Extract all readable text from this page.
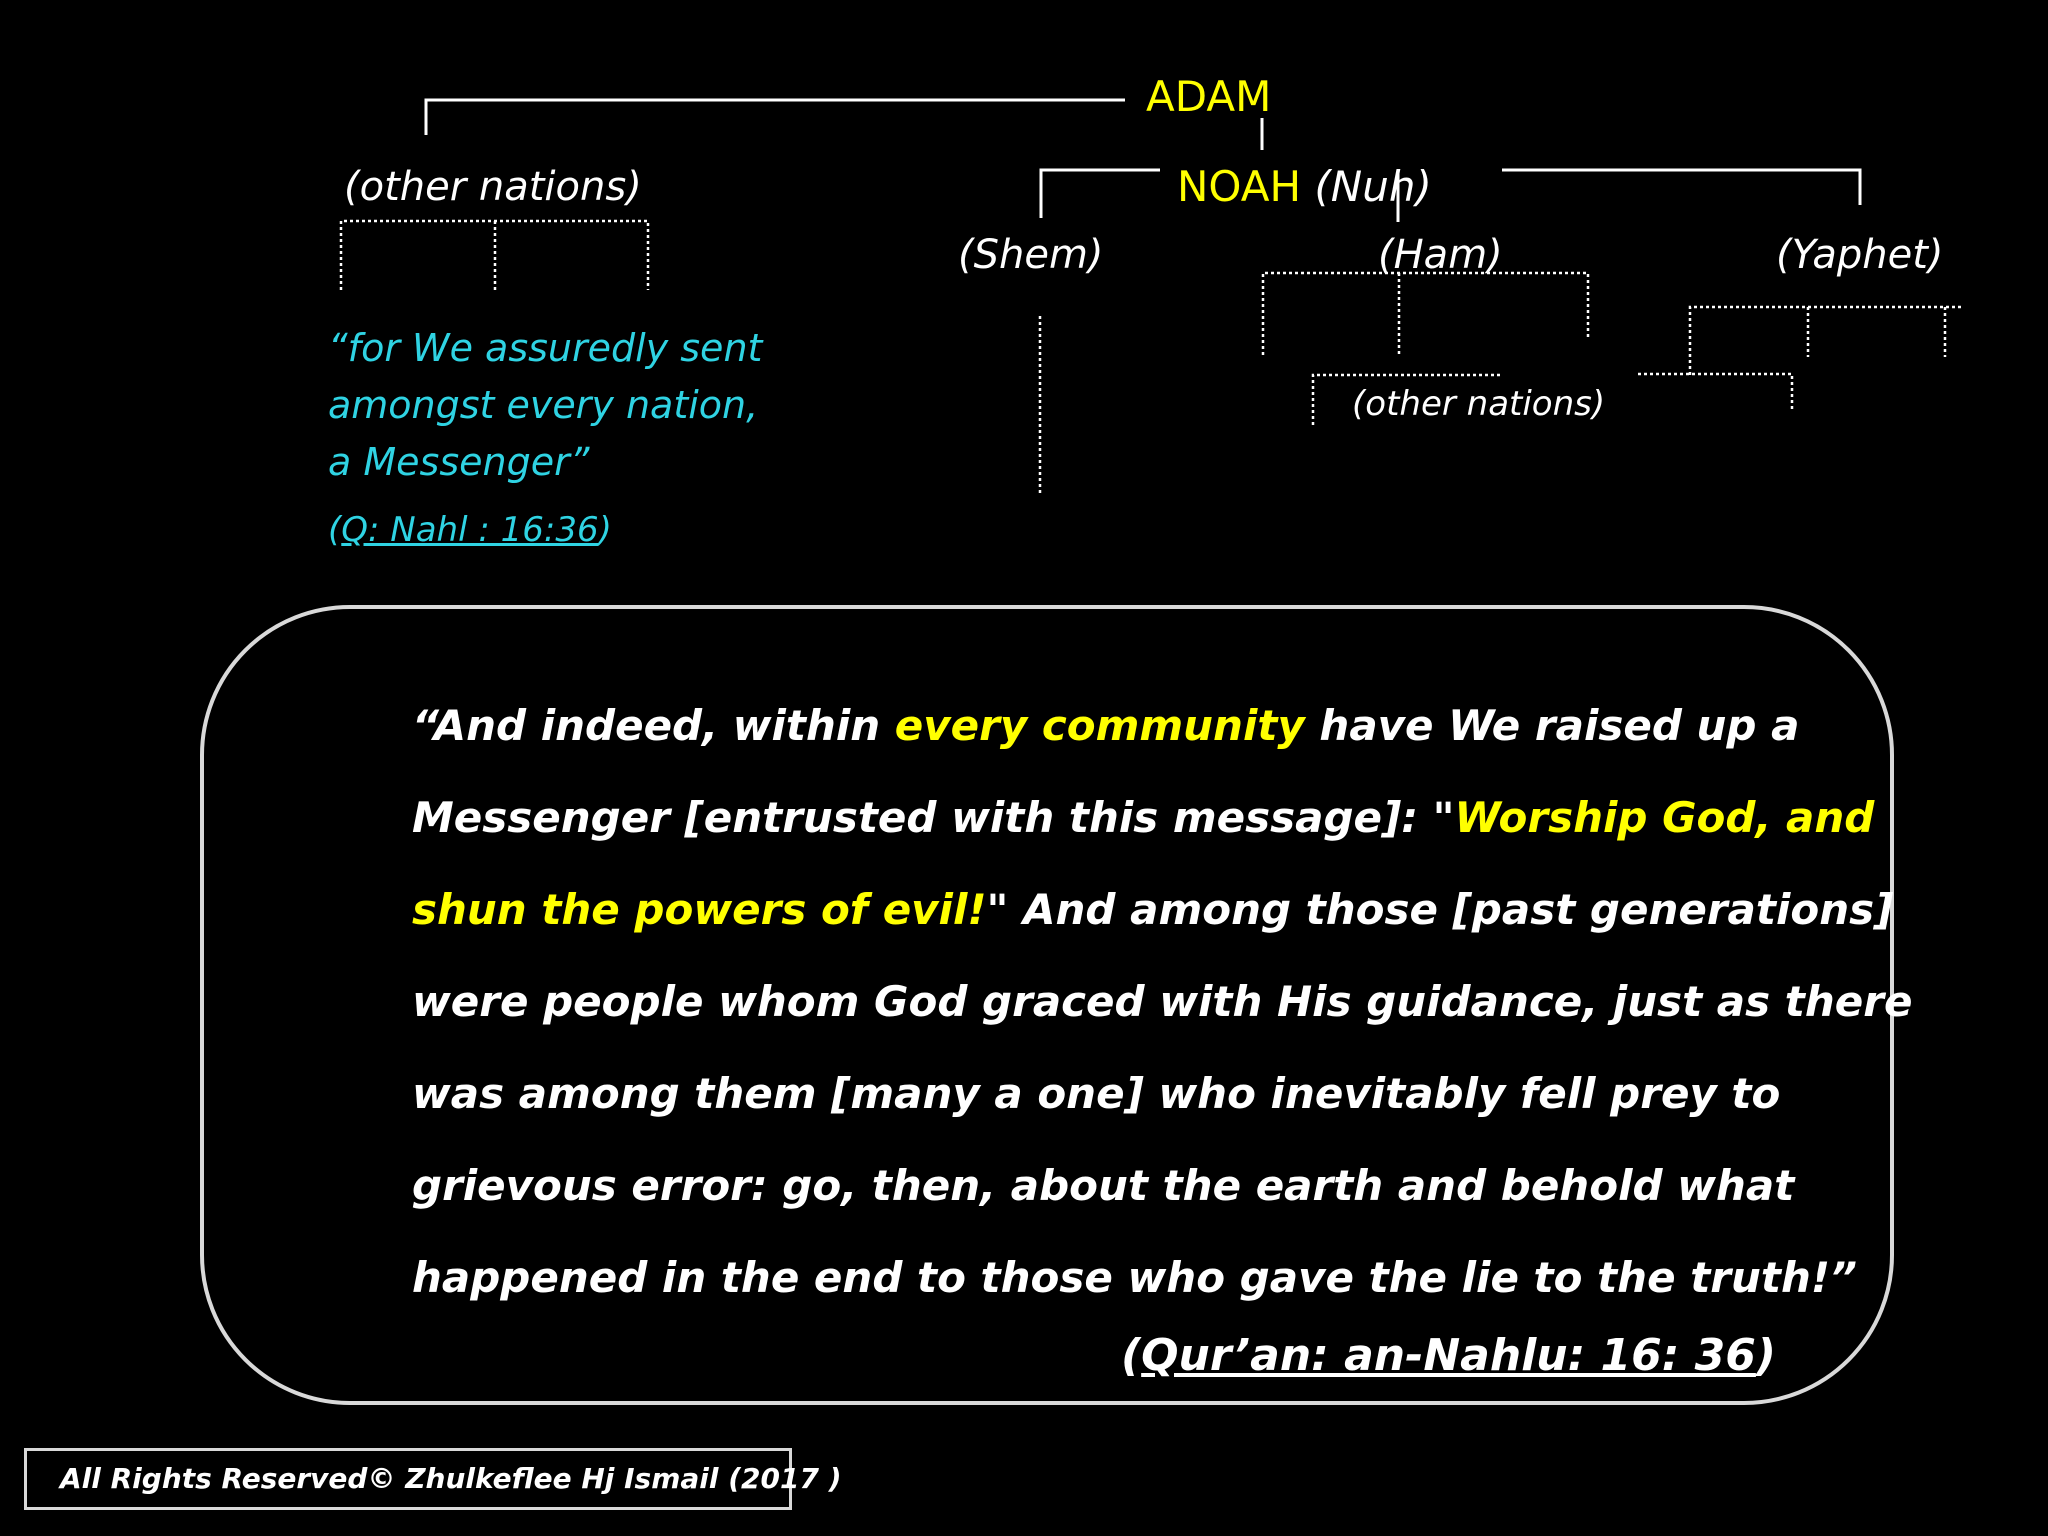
ADAM
NOAH (Nuh)
(other nations)
(Shem)	(Ham)	(Yaphet)
(other nations)
“for We assuredly sent
amongst every nation,
a Messenger”
(Q: Nahl : 16:36)
“And indeed, within every community have We raised up a
Messenger [entrusted with this message]: "Worship God, and
shun the powers of evil!" And among those [past generations]
were people whom God graced with His guidance, just as there
was among them [many a one] who inevitably fell prey to
grievous error: go, then, about the earth and behold what
happened in the end to those who gave the lie to the truth!”
(Qur’an: an-Nahlu: 16: 36)
All Rights Reserved© Zhulkeflee Hj Ismail (2017 )
